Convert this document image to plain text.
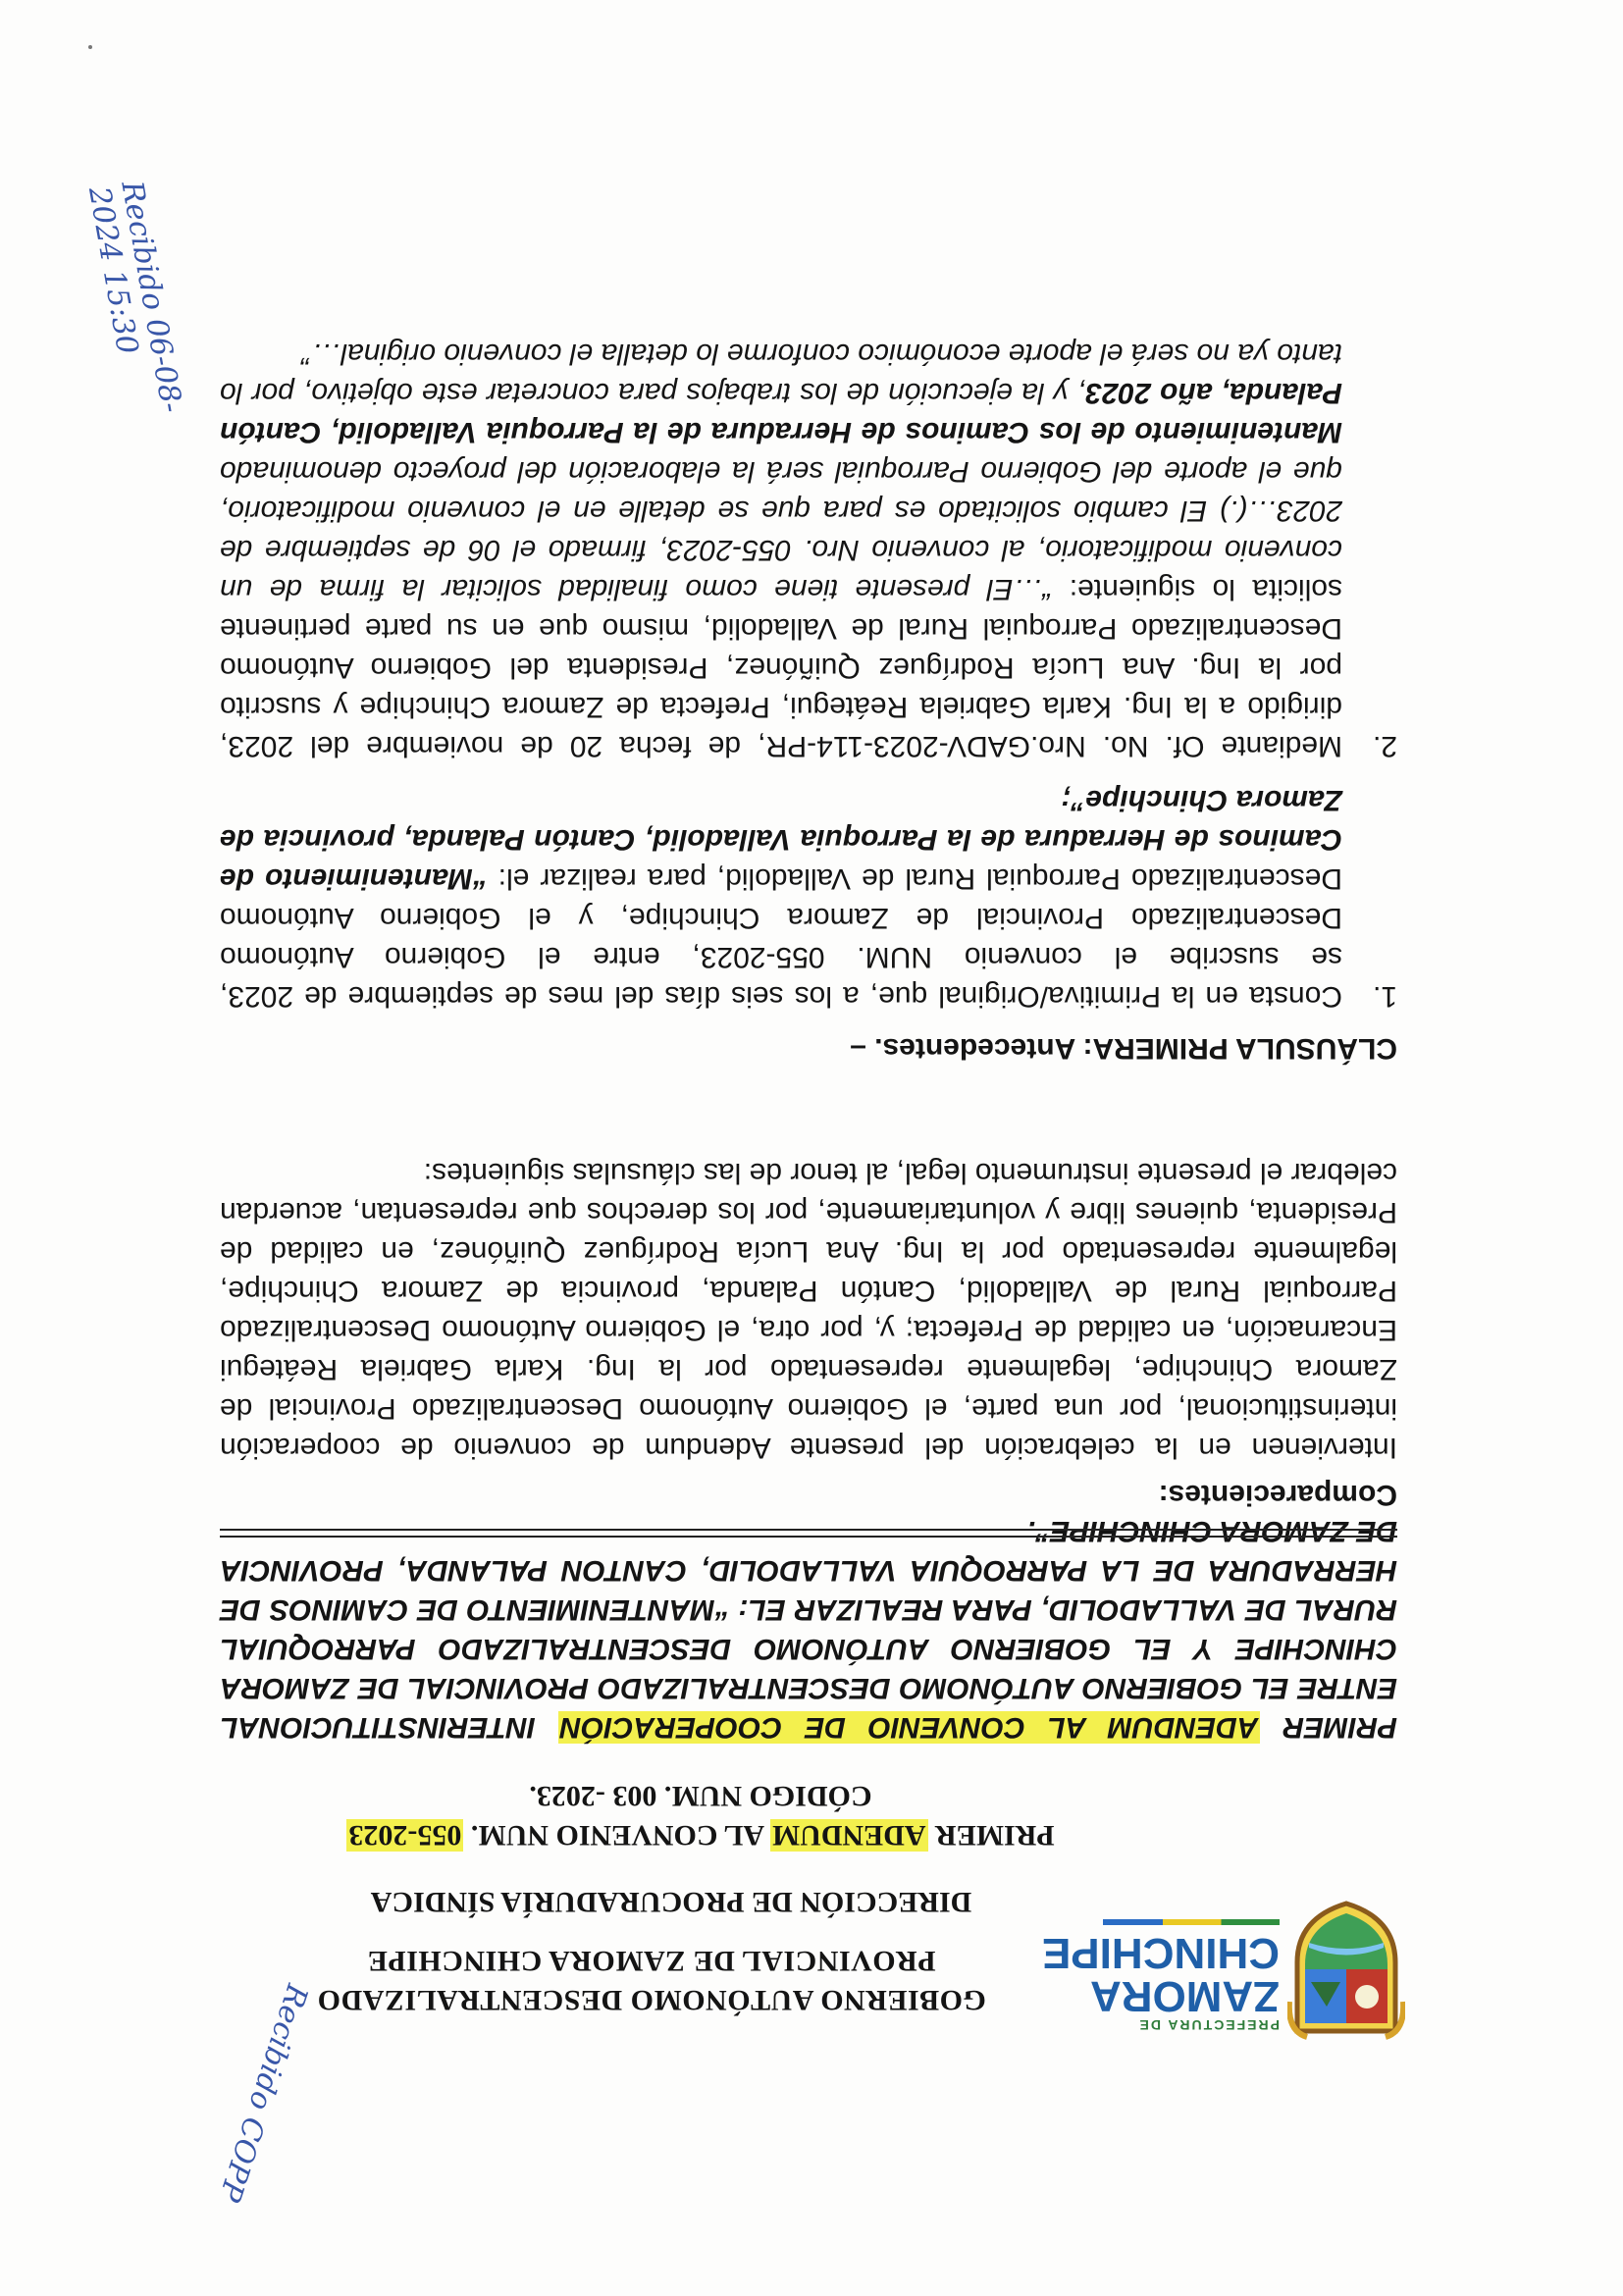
PREFECTURA DE
ZAMORA
CHINCHIPE
GOBIERNO AUTÓNOMO DESCENTRALIZADO
PROVINCIAL DE ZAMORA CHINCHIPE
DIRECCIÓN DE PROCURADURÍA SÍNDICA
PRIMER ADENDUM AL CONVENIO NUM. 055-2023
CÓDIGO NUM. 003 -2023.
PRIMER ADENDUM AL CONVENIO DE COOPERACIÓN INTERINSTITUCIONAL ENTRE EL GOBIERNO AUTÓNOMO DESCENTRALIZADO PROVINCIAL DE ZAMORA CHINCHIPE Y EL GOBIERNO AUTÓNOMO DESCENTRALIZADO PARROQUIAL RURAL DE VALLADOLID, PARA REALIZAR EL: “MANTENIMIENTO DE CAMINOS DE HERRADURA DE LA PARROQUIA VALLADOLID, CANTON PALANDA, PROVINCIA DE ZAMORA CHINCHIPE”.
Comparecientes:
Intervienen en la celebración del presente Adendum de convenio de cooperación interinstitucional, por una parte, el Gobierno Autónomo Descentralizado Provincial de Zamora Chinchipe, legalmente representado por la Ing. Karla Gabriela Reátegui Encarnación, en calidad de Prefecta; y, por otra, el Gobierno Autónomo Descentralizado Parroquial Rural de Valladolid, Cantón Palanda, provincia de Zamora Chinchipe, legalmente representado por la Ing. Ana Lucía Rodríguez Quiñónez, en calidad de Presidenta, quienes libre y voluntariamente, por los derechos que representan, acuerdan celebrar el presente instrumento legal, al tenor de las cláusulas siguientes:
CLÁUSULA PRIMERA: Antecedentes. –
1.
Consta en la Primitiva/Original que, a los seis días del mes de septiembre de 2023, se suscribe el convenio NUM. 055-2023, entre el Gobierno Autónomo Descentralizado Provincial de Zamora Chinchipe, y el Gobierno Autónomo Descentralizado Parroquial Rural de Valladolid, para realizar el: “Mantenimiento de Caminos de Herradura de la Parroquia Valladolid, Cantón Palanda, provincia de Zamora Chinchipe”;
2.
Mediante Of. No. Nro.GADV-2023-114-PR, de fecha 20 de noviembre del 2023, dirigido a la Ing. Karla Gabriela Reátegui, Prefecta de Zamora Chinchipe y suscrito por la Ing. Ana Lucía Rodríguez Quiñónez, Presidenta del Gobierno Autónomo Descentralizado Parroquial Rural de Valladolid, mismo que en su parte pertinente solicita lo siguiente: “…El presente tiene como finalidad solicitar la firma de un convenio modificatorio, al convenio Nro. 055-2023, firmado el 06 de septiembre de 2023…(.) El cambio solicitado es para que se detalle en el convenio modificatorio, que el aporte del Gobierno Parroquial será la elaboración del proyecto denominado Mantenimiento de los Caminos de Herradura de la Parroquia Valladolid, Cantón Palanda, año 2023, y la ejecución de los trabajos para concretar este objetivo, por lo tanto ya no será el aporte económico conforme lo detalla el convenio original…”
Recibido COPP
Recibido 06-08-2024 15:30
